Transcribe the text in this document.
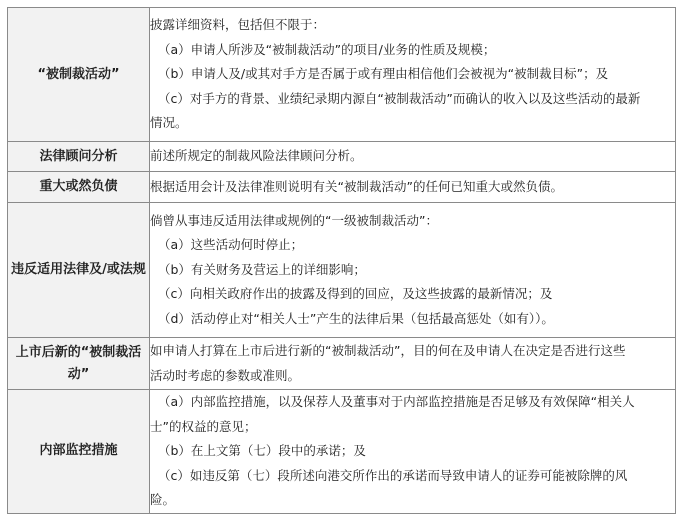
“被制裁活动”	披露详细资料，包括但不限于：
（a）申请人所涉及“被制裁活动”的项目/业务的性质及规模；
（b）申请人及/或其对手方是否属于或有理由相信他们会被视为“被制裁目标”；及
（c）对手方的背景、业绩纪录期内源自“被制裁活动”而确认的收入以及这些活动的最新
情况。

法律顾问分析	前述所规定的制裁风险法律顾问分析。

重大或然负债	根据适用会计及法律准则说明有关“被制裁活动”的任何已知重大或然负债。

违反适用法律及/或法规	倘曾从事违反适用法律或规例的“一级被制裁活动”：
（a）这些活动何时停止；
（b）有关财务及营运上的详细影响；
（c）向相关政府作出的披露及得到的回应，及这些披露的最新情况；及
（d）活动停止对“相关人士”产生的法律后果（包括最高惩处（如有））。

上市后新的“被制裁活动”	如申请人打算在上市后进行新的“被制裁活动”，目的何在及申请人在决定是否进行这些
活动时考虑的参数或准则。

内部监控措施	（a）内部监控措施，以及保荐人及董事对于内部监控措施是否足够及有效保障“相关人
士”的权益的意见；
（b）在上文第（七）段中的承诺；及
（c）如违反第（七）段所述向港交所作出的承诺而导致申请人的证券可能被除牌的风
险。
